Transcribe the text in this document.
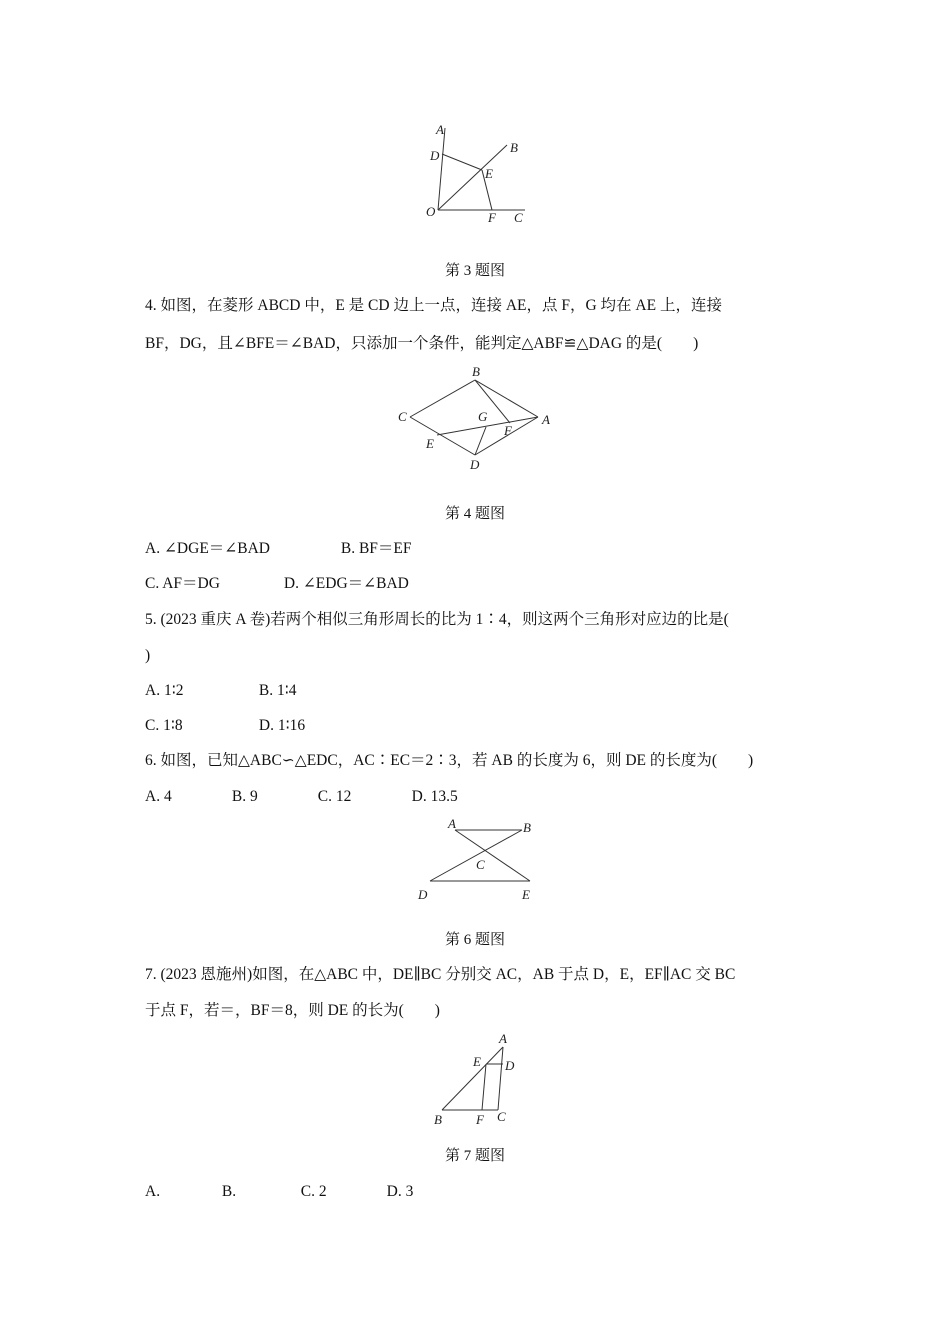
A
B
C
D
E
F
O
第 3 题图
4. 如图，在菱形 ABCD 中，E 是 CD 边上一点，连接 AE，点 F，G 均在 AE 上，连接
BF，DG，且∠BFE＝∠BAD，只添加一个条件，能判定△ABF≌△DAG 的是(　　)
B
C	A
G
F
E
D
第 4 题图
A. ∠DGE＝∠BAD	B. BF＝EF
C. AF＝DG	D. ∠EDG＝∠BAD
5. (2023 重庆 A 卷)若两个相似三角形周长的比为 1∶4，则这两个三角形对应边的比是(
)
A. 1∶2	B. 1∶4
C. 1∶8	D. 1∶16
6. 如图，已知△ABC∽△EDC，AC∶EC＝2∶3，若 AB 的长度为 6，则 DE 的长度为(　　)
A. 4	B. 9	C. 12	D. 13.5
A	B
C
D	E
第 6 题图
7. (2023 恩施州)如图，在△ABC 中，DE∥BC 分别交 AC，AB 于点 D，E，EF∥AC 交 BC
于点 F，若＝，BF＝8，则 DE 的长为(　　)
A
E D
B	F C
第 7 题图
A.	B.	C. 2	D. 3
